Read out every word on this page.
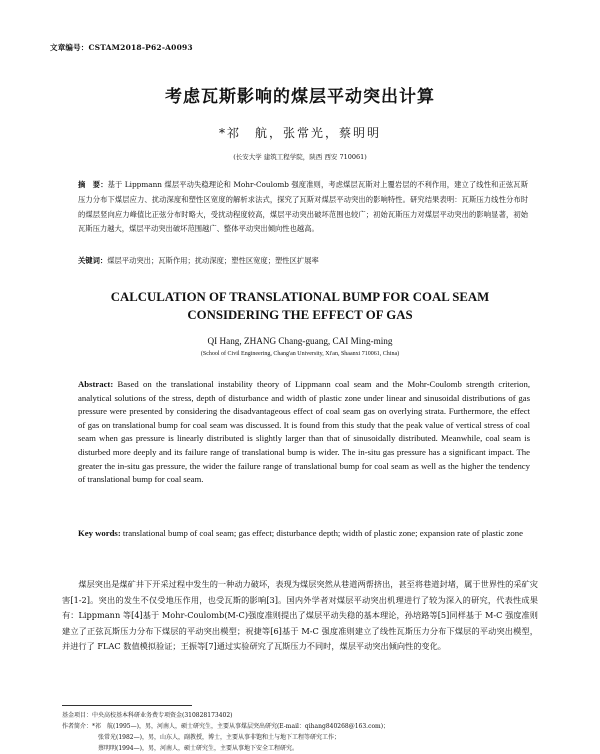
文章编号：CSTAM2018-P62-A0093
考虑瓦斯影响的煤层平动突出计算
*祁　航，张常光，蔡明明
(长安大学 建筑工程学院，陕西 西安 710061)
摘　要：基于 Lippmann 煤层平动失稳理论和 Mohr-Coulomb 强度准则，考虑煤层瓦斯对上覆岩层的不利作用，建立了线性和正弦瓦斯压力分布下煤层应力、扰动深度和塑性区宽度的解析求法式，探究了瓦斯对煤层平动突出的影响特性。研究结果表明：瓦斯压力线性分布时的煤层竖向应力峰值比正弦分布时略大，受扰动程度较高，煤层平动突出破坏范围也较广；初始瓦斯压力对煤层平动突出的影响显著，初始瓦斯压力越大，煤层平动突出破坏范围越广、整体平动突出倾向性也越高。
关键词：煤层平动突出；瓦斯作用；扰动深度；塑性区宽度；塑性区扩展率
CALCULATION OF TRANSLATIONAL BUMP FOR COAL SEAM
CONSIDERING THE EFFECT OF GAS
QI Hang, ZHANG Chang-guang, CAI Ming-ming
(School of Civil Engineering, Chang'an University, Xi'an, Shaanxi 710061, China)
Abstract: Based on the translational instability theory of Lippmann coal seam and the Mohr-Coulomb strength criterion, analytical solutions of the stress, depth of disturbance and width of plastic zone under linear and sinusoidal distributions of gas pressure were presented by considering the disadvantageous effect of coal seam gas on overlying strata. Furthermore, the effect of gas on translational bump for coal seam was discussed. It is found from this study that the peak value of vertical stress of coal seam when gas pressure is linearly distributed is slightly larger than that of sinusoidally distributed. Meanwhile, coal seam is disturbed more deeply and its failure range of translational bump is wider. The in-situ gas pressure has a significant impact. The greater the in-situ gas pressure, the wider the failure range of translational bump for coal seam as well as the higher the tendency of translational bump for coal seam.
Key words: translational bump of coal seam; gas effect; disturbance depth; width of plastic zone; expansion rate of plastic zone
煤层突出是煤矿井下开采过程中发生的一种动力破坏，表现为煤层突然从巷道两帮挤出，甚至将巷道封堵，属于世界性的采矿灾害[1-2]。突出的发生不仅受地压作用，也受瓦斯的影响[3]。国内外学者对煤层平动突出机理进行了较为深入的研究，代表性成果有：Lippmann 等[4]基于 Mohr-Coulomb(M-C)强度准则提出了煤层平动失稳的基本理论，孙培路等[5]同样基于 M-C 强度准则建立了正弦瓦斯压力分布下煤层的平动突出模型；祝捷等[6]基于 M-C 强度准则建立了线性瓦斯压力分布下煤层的平动突出模型，并进行了 FLAC 数值模拟验证；王振等[7]通过实验研究了瓦斯压力不同时，煤层平动突出倾向性的变化。
基金项目：中央高校基本科研业务费专项资金(310828173402)
作者简介：*祁　航(1995—)，男，河南人，硕士研究生，主要从事煤层突出研究(E-mail：qihang840268@163.com)；
张常光(1982—)，男，山东人，副教授，博士，主要从事非饱和土与地下工程等研究工作；
蔡明明(1994—)，男，河南人，硕士研究生，主要从事地下安全工程研究。
